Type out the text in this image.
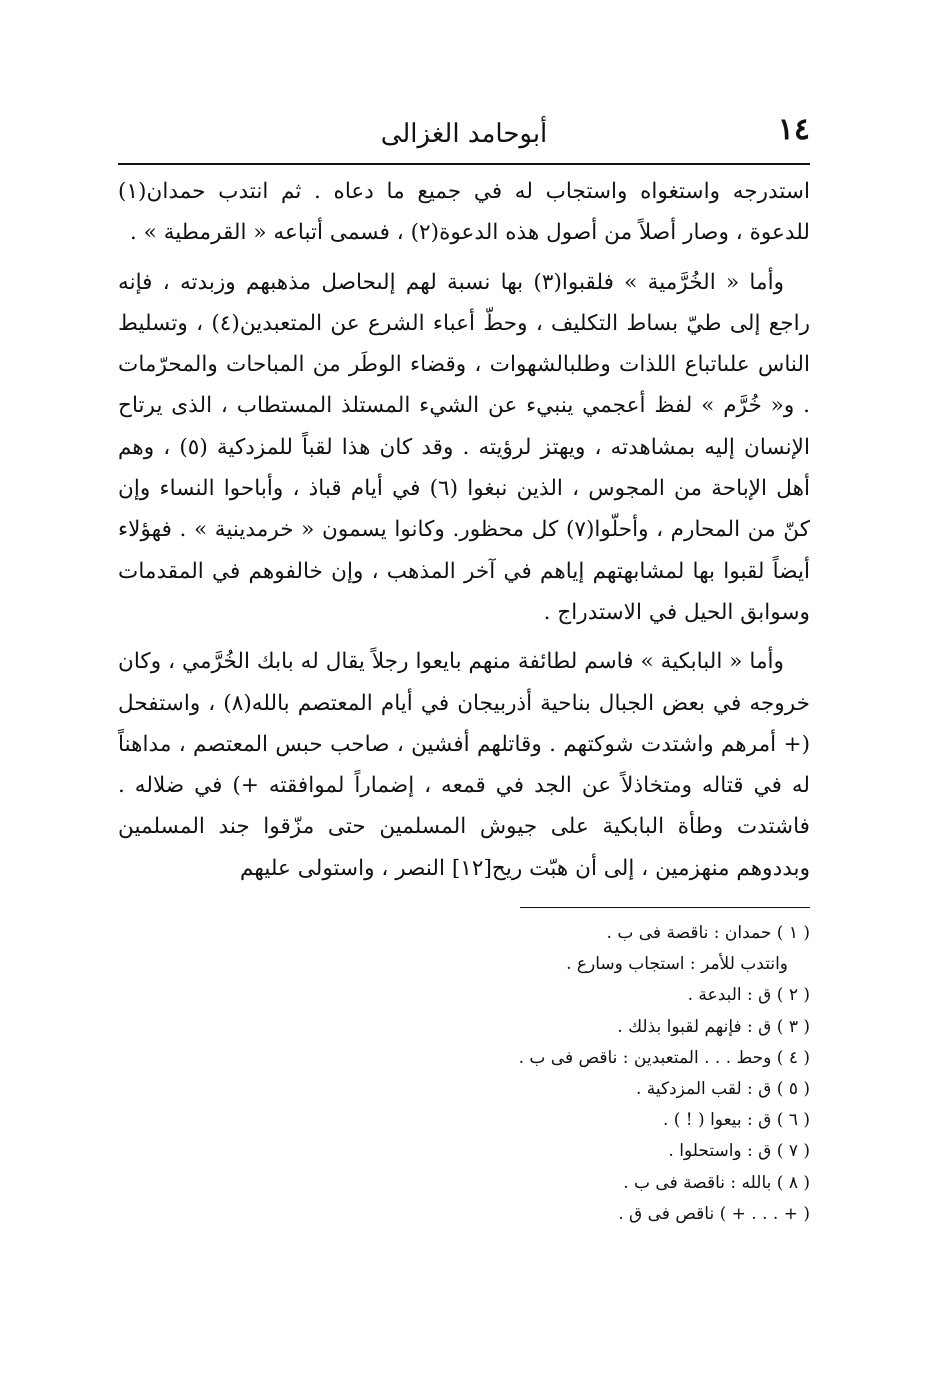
١٤
أبوحامد الغزالى

استدرجه واستغواه واستجاب له في جميع ما دعاه . ثم انتدب حمدان(١) للدعوة ، وصار أصلاً من أصول هذه الدعوة(٢) ، فسمى أتباعه « القرمطية » .

وأما « الخُرَّمية » فلقبوا(٣) بها نسبة لهم إلىحاصل مذهبهم وزبدته ، فإنه راجع إلى طيّ بساط التكليف ، وحطّ أعباء الشرع عن المتعبدين(٤) ، وتسليط الناس علىاتباع اللذات وطلبالشهوات ، وقضاء الوطَر من المباحات والمحرّمات . و« خُرَّم » لفظ أعجمي ينبيء عن الشيء المستلذ المستطاب ، الذى يرتاح الإنسان إليه بمشاهدته ، ويهتز لرؤيته . وقد كان هذا لقباً للمزدكية (٥) ، وهم أهل الإباحة من المجوس ، الذين نبغوا (٦) في أيام قباذ ، وأباحوا النساء وإن كنّ من المحارم ، وأحلّوا(٧) كل محظور. وكانوا يسمون « خرمدينية » . فهؤلاء أيضاً لقبوا بها لمشابهتهم إياهم في آخر المذهب ، وإن خالفوهم في المقدمات وسوابق الحيل في الاستدراج .

وأما « البابكية » فاسم لطائفة منهم بايعوا رجلاً يقال له بابك الخُرَّمي ، وكان خروجه في بعض الجبال بناحية أذربيجان في أيام المعتصم بالله(٨) ، واستفحل (+ أمرهم واشتدت شوكتهم . وقاتلهم أفشين ، صاحب حبس المعتصم ، مداهناً له في قتاله ومتخاذلاً عن الجد في قمعه ، إضماراً لموافقته +) في ضلاله . فاشتدت وطأة البابكية على جيوش المسلمين حتى مزّقوا جند المسلمين وبددوهم منهزمين ، إلى أن هبّت ريح[١٢] النصر ، واستولى عليهم

( ١ ) حمدان : ناقصة فى ب .
وانتدب للأمر : استجاب وسارع .
( ٢ ) ق : البدعة .
( ٣ ) ق : فإنهم لقبوا بذلك .
( ٤ ) وحط . . . المتعبدين : ناقص فى ب .
( ٥ ) ق : لقب المزدكية .
( ٦ ) ق : بيعوا ( ! ) .
( ٧ ) ق : واستحلوا .
( ٨ ) بالله : ناقصة فى ب .
( + . . . + ) ناقص فى ق .
